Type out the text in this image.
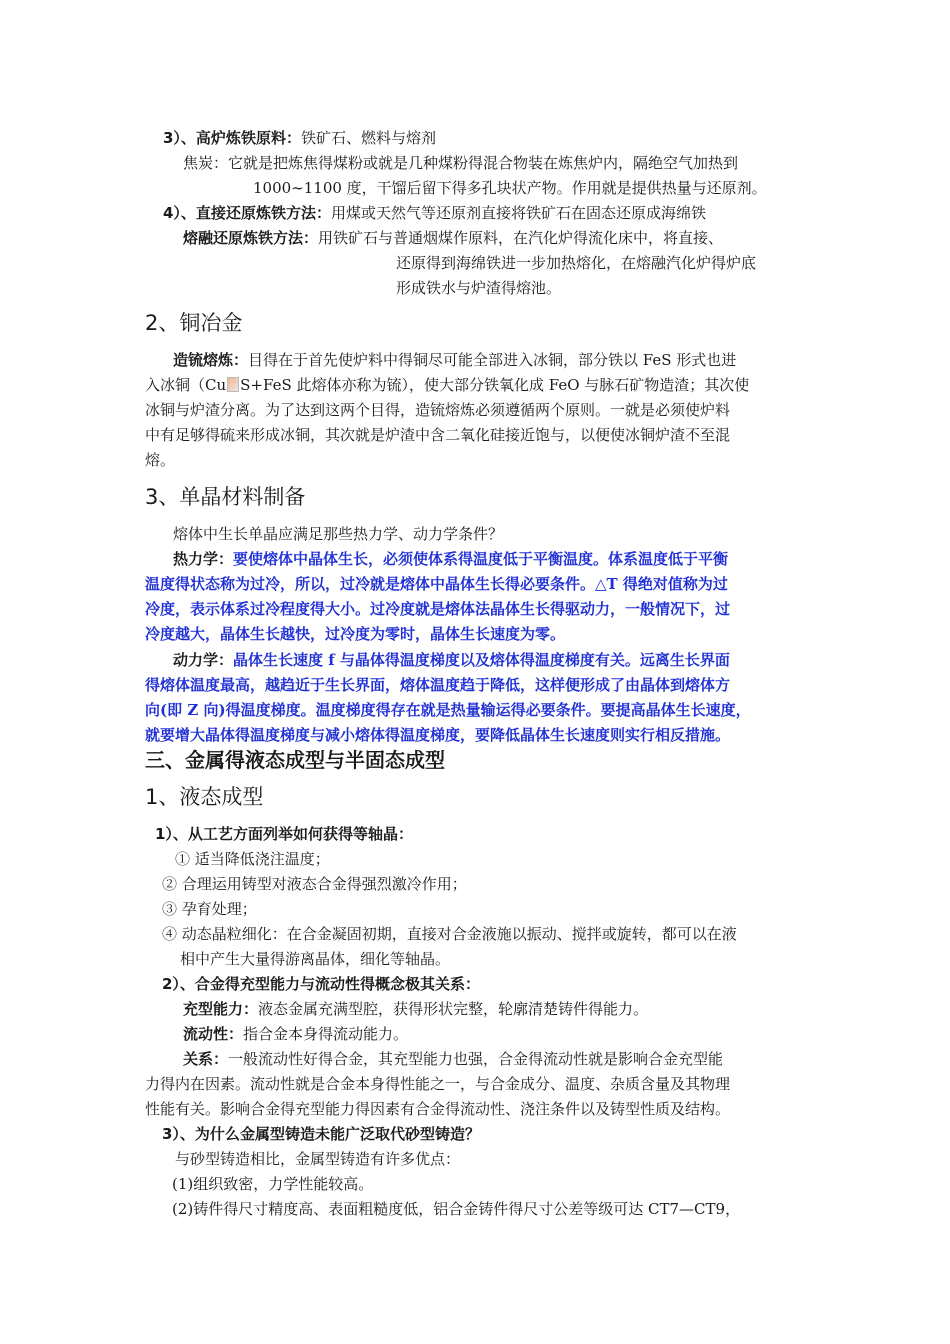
3）、高炉炼铁原料：铁矿石、燃料与熔剂
焦炭：它就是把炼焦得煤粉或就是几种煤粉得混合物装在炼焦炉内，隔绝空气加热到
1000~1100 度，干馏后留下得多孔块状产物。作用就是提供热量与还原剂。
4）、直接还原炼铁方法：用煤或天然气等还原剂直接将铁矿石在固态还原成海绵铁
熔融还原炼铁方法：用铁矿石与普通烟煤作原料，在汽化炉得流化床中，将直接、
还原得到海绵铁进一步加热熔化，在熔融汽化炉得炉底
形成铁水与炉渣得熔池。
2、铜冶金
造锍熔炼：目得在于首先使炉料中得铜尽可能全部进入冰铜，部分铁以 FeS 形式也进
入冰铜（Cu S+FeS 此熔体亦称为锍），使大部分铁氧化成 FeO 与脉石矿物造渣；其次使
冰铜与炉渣分离。为了达到这两个目得，造锍熔炼必须遵循两个原则。一就是必须使炉料
中有足够得硫来形成冰铜，其次就是炉渣中含二氧化硅接近饱与，以便使冰铜炉渣不至混
熔。
3、单晶材料制备
熔体中生长单晶应满足那些热力学、动力学条件？
热力学：要使熔体中晶体生长，必须使体系得温度低于平衡温度。体系温度低于平衡
温度得状态称为过冷，所以，过冷就是熔体中晶体生长得必要条件。△T 得绝对值称为过
冷度，表示体系过冷程度得大小。过冷度就是熔体法晶体生长得驱动力，一般情况下，过
冷度越大，晶体生长越快，过冷度为零时，晶体生长速度为零。
动力学：晶体生长速度 f 与晶体得温度梯度以及熔体得温度梯度有关。远离生长界面
得熔体温度最高，越趋近于生长界面，熔体温度趋于降低，这样便形成了由晶体到熔体方
向(即 Z 向)得温度梯度。温度梯度得存在就是热量输运得必要条件。要提高晶体生长速度，
就要增大晶体得温度梯度与减小熔体得温度梯度，要降低晶体生长速度则实行相反措施。
三、金属得液态成型与半固态成型
1、液态成型
1）、从工艺方面列举如何获得等轴晶：
① 适当降低浇注温度；
② 合理运用铸型对液态合金得强烈激冷作用；
③ 孕育处理；
④ 动态晶粒细化：在合金凝固初期，直接对合金液施以振动、搅拌或旋转，都可以在液
相中产生大量得游离晶体，细化等轴晶。
2）、合金得充型能力与流动性得概念极其关系：
充型能力：液态金属充满型腔，获得形状完整，轮廓清楚铸件得能力。
流动性：指合金本身得流动能力。
关系：一般流动性好得合金，其充型能力也强，合金得流动性就是影响合金充型能
力得内在因素。流动性就是合金本身得性能之一，与合金成分、温度、杂质含量及其物理
性能有关。影响合金得充型能力得因素有合金得流动性、浇注条件以及铸型性质及结构。
3）、为什么金属型铸造未能广泛取代砂型铸造？
与砂型铸造相比，金属型铸造有许多优点：
(1)组织致密，力学性能较高。
(2)铸件得尺寸精度高、表面粗糙度低，铝合金铸件得尺寸公差等级可达 CT7—CT9，
